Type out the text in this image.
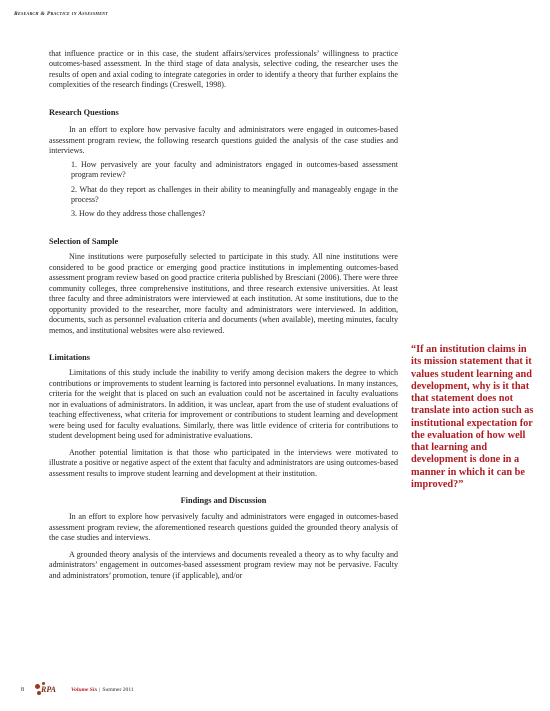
Research & Practice in Assessment

that influence practice or in this case, the student affairs/services professionals’ willingness to practice outcomes-based assessment. In the third stage of data analysis, selective coding, the researcher uses the results of open and axial coding to integrate categories in order to identify a theory that further explains the complexities of the research findings (Creswell, 1998).

Research Questions

In an effort to explore how pervasive faculty and administrators were engaged in outcomes-based assessment program review, the following research questions guided the analysis of the case studies and interviews.

1. How pervasively are your faculty and administrators engaged in outcomes-based assessment program review?
2. What do they report as challenges in their ability to meaningfully and manageably engage in the process?
3. How do they address those challenges?
Selection of Sample

Nine institutions were purposefully selected to participate in this study. All nine institutions were considered to be good practice or emerging good practice institutions in implementing outcomes-based assessment program review based on good practice criteria published by Bresciani (2006). There were three community colleges, three comprehensive institutions, and three research extensive universities. At least three faculty and three administrators were interviewed at each institution. At some institutions, due to the opportunity provided to the researcher, more faculty and administrators were interviewed. In addition, documents, such as personnel evaluation criteria and documents (when available), meeting minutes, faculty memos, and institutional websites were also reviewed.

Limitations

Limitations of this study include the inability to verify among decision makers the degree to which contributions or improvements to student learning is factored into personnel evaluations. In many instances, criteria for the weight that is placed on such an evaluation could not be ascertained in faculty evaluations nor in evaluations of administrators. In addition, it was unclear, apart from the use of student evaluations of teaching effectiveness, what criteria for improvement or contributions to student learning and development were being used for faculty evaluations. Similarly, there was little evidence of criteria for contributions to student development being used for administrative evaluations.

Another potential limitation is that those who participated in the interviews were motivated to illustrate a positive or negative aspect of the extent that faculty and administrators are using outcomes-based assessment results to improve student learning and development at their institution.

Findings and Discussion

In an effort to explore how pervasively faculty and administrators were engaged in outcomes-based assessment program review, the aforementioned research questions guided the grounded theory analysis of the case studies and interviews.

A grounded theory analysis of the interviews and documents revealed a theory as to why faculty and administrators’ engagement in outcomes-based assessment program review may not be pervasive. Faculty and administrators’ promotion, tenure (if applicable), and/or

“If an institution claims in its mission statement that it values student learning and development, why is it that that statement does not translate into action such as institutional expectation for the evaluation of how well that learning and development is done in a manner in which it can be improved?”
8	RPA	Volume Six | Summer 2011
